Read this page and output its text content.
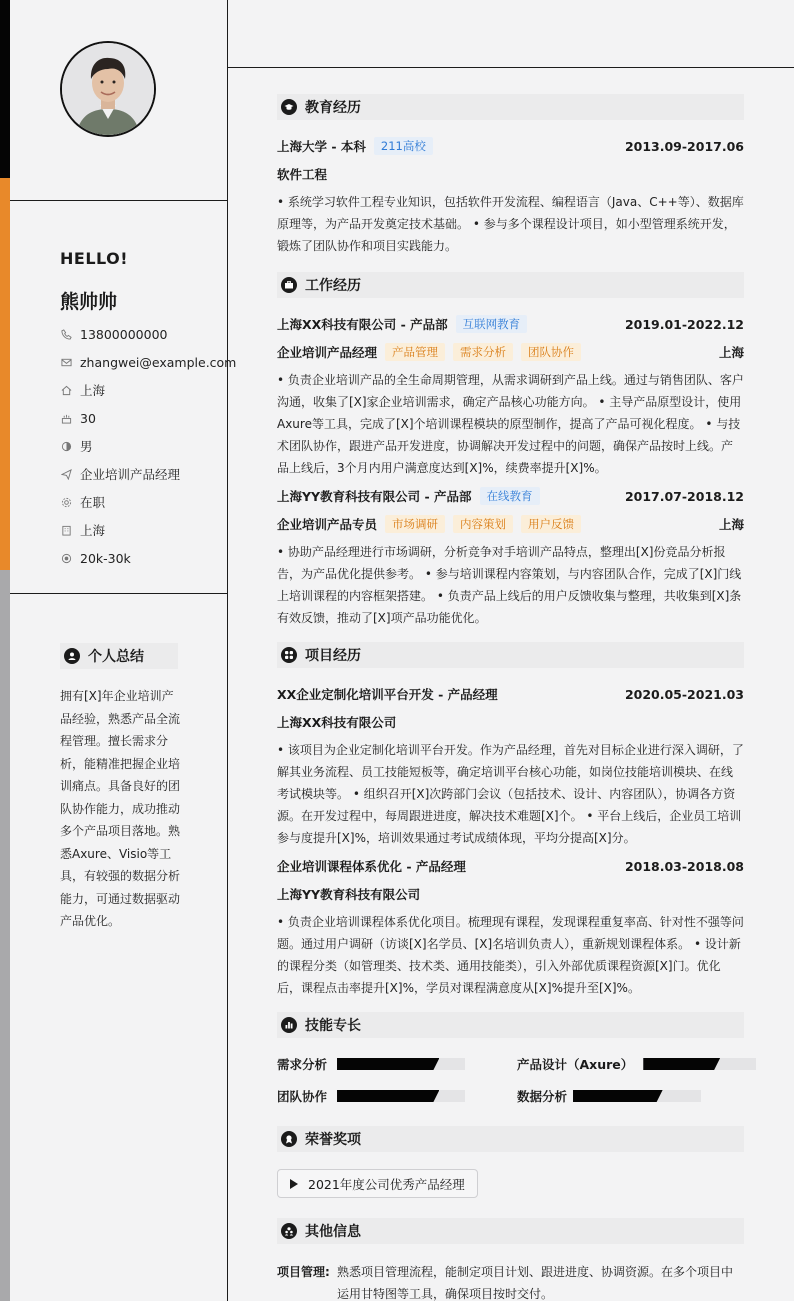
HELLO!
熊帅帅
13800000000
zhangwei@example.com
上海
30
男
企业培训产品经理
在职
上海
20k-30k
个人总结
拥有[X]年企业培训产品经验，熟悉产品全流程管理。擅长需求分析，能精准把握企业培训痛点。具备良好的团队协作能力，成功推动多个产品项目落地。熟悉Axure、Visio等工具，有较强的数据分析能力，可通过数据驱动产品优化。
教育经历
上海大学 - 本科	211高校	2013.09-2017.06
软件工程
• 系统学习软件工程专业知识，包括软件开发流程、编程语言（Java、C++等）、数据库原理等，为产品开发奠定技术基础。 • 参与多个课程设计项目，如小型管理系统开发，锻炼了团队协作和项目实践能力。
工作经历
上海XX科技有限公司 - 产品部	互联网教育	2019.01-2022.12
企业培训产品经理	产品管理	需求分析	团队协作	上海
• 负责企业培训产品的全生命周期管理，从需求调研到产品上线。通过与销售团队、客户沟通，收集了[X]家企业培训需求，确定产品核心功能方向。 • 主导产品原型设计，使用Axure等工具，完成了[X]个培训课程模块的原型制作，提高了产品可视化程度。 • 与技术团队协作，跟进产品开发进度，协调解决开发过程中的问题，确保产品按时上线。产品上线后，3个月内用户满意度达到[X]%，续费率提升[X]%。
上海YY教育科技有限公司 - 产品部	在线教育	2017.07-2018.12
企业培训产品专员	市场调研	内容策划	用户反馈	上海
• 协助产品经理进行市场调研，分析竞争对手培训产品特点，整理出[X]份竞品分析报告，为产品优化提供参考。 • 参与培训课程内容策划，与内容团队合作，完成了[X]门线上培训课程的内容框架搭建。 • 负责产品上线后的用户反馈收集与整理，共收集到[X]条有效反馈，推动了[X]项产品功能优化。
项目经历
XX企业定制化培训平台开发 - 产品经理	2020.05-2021.03
上海XX科技有限公司
• 该项目为企业定制化培训平台开发。作为产品经理，首先对目标企业进行深入调研，了解其业务流程、员工技能短板等，确定培训平台核心功能，如岗位技能培训模块、在线考试模块等。 • 组织召开[X]次跨部门会议（包括技术、设计、内容团队），协调各方资源。在开发过程中，每周跟进进度，解决技术难题[X]个。 • 平台上线后，企业员工培训参与度提升[X]%，培训效果通过考试成绩体现，平均分提高[X]分。
企业培训课程体系优化 - 产品经理	2018.03-2018.08
上海YY教育科技有限公司
• 负责企业培训课程体系优化项目。梳理现有课程，发现课程重复率高、针对性不强等问题。通过用户调研（访谈[X]名学员、[X]名培训负责人），重新规划课程体系。 • 设计新的课程分类（如管理类、技术类、通用技能类），引入外部优质课程资源[X]门。优化后，课程点击率提升[X]%，学员对课程满意度从[X]%提升至[X]%。
技能专长
需求分析	产品设计（Axure）
团队协作	数据分析
荣誉奖项
2021年度公司优秀产品经理
其他信息
项目管理: 熟悉项目管理流程，能制定项目计划、跟进进度、协调资源。在多个项目中运用甘特图等工具，确保项目按时交付。
